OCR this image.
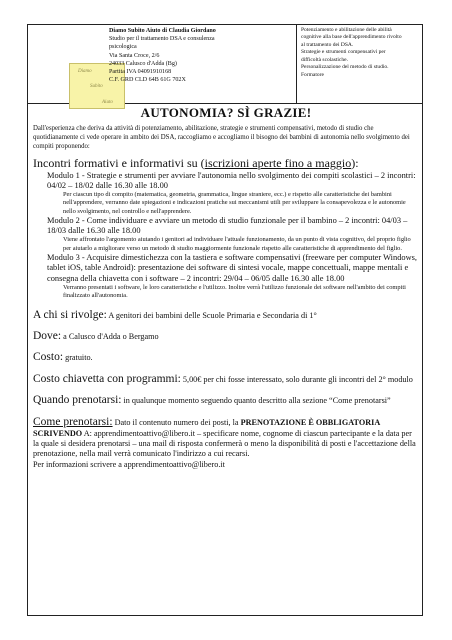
Diamo
Subito
Aiuto
Diamo Subito Aiuto di Claudia Giordano
Studio per il trattamento DSA e consulenza
psicologica
Via Santa Croce, 2/6
24033 Calusco d'Adda (Bg)
Partita IVA 04091910168
C.F. GRD CLD 64B 61G 702X
Potenziamento e abilitazione delle abilità
cognitive alla base dell'apprendimento rivolto
al trattamento dei DSA.
Strategie e strumenti compensativi per
difficoltà scolastiche.
Personalizzazione del metodo di studio.
Formatore
AUTONOMIA? SÌ GRAZIE!
Dall'esperienza che deriva da attività di potenziamento, abilitazione, strategie e strumenti compensativi, metodo di studio che quotidianamente ci vede operare in ambito dei DSA, raccogliamo e accogliamo il bisogno dei bambini di autonomia nello svolgimento dei compiti proponendo:
Incontri formativi e informativi su (iscrizioni aperte fino a maggio):
Modulo 1 - Strategie e strumenti per avviare l'autonomia nello svolgimento dei compiti scolastici – 2 incontri: 04/02 – 18/02 dalle 16.30 alle 18.00
Per ciascun tipo di compito (matematica, geometria, grammatica, lingue straniere, ecc.) e rispetto alle caratteristiche dei bambini nell'apprendere, verranno date spiegazioni e indicazioni pratiche sui meccanismi utili per sviluppare la consapevolezza e le autonomie nello svolgimento, nel controllo e nell'apprendere.
Modulo 2 - Come individuare e avviare un metodo di studio funzionale per il bambino – 2 incontri: 04/03 – 18/03 dalle 16.30 alle 18.00
Viene affrontato l'argomento aiutando i genitori ad individuare l'attuale funzionamento, da un punto di vista cognitivo, del proprio figlio per aiutarlo a migliorare verso un metodo di studio maggiormente funzionale rispetto alle caratteristiche di apprendimento del figlio.
Modulo 3 - Acquisire dimestichezza con la tastiera e software compensativi (freeware per computer Windows, tablet iOS, table Android): presentazione dei software di sintesi vocale, mappe concettuali, mappe mentali e consegna della chiavetta con i software – 2 incontri: 29/04 – 06/05 dalle 16.30 alle 18.00
Verranno presentati i software, le loro caratteristiche e l'utilizzo. Inoltre verrà l'utilizzo funzionale dei software nell'ambito dei compiti finalizzato all'autonomia.
A chi si rivolge: A genitori dei bambini delle Scuole Primaria e Secondaria di 1°
Dove: a Calusco d'Adda o Bergamo
Costo: gratuito.
Costo chiavetta con programmi: 5,00€ per chi fosse interessato, solo durante gli incontri del 2° modulo
Quando prenotarsi: in qualunque momento seguendo quanto descritto alla sezione “Come prenotarsi”
Come prenotarsi: Dato il contenuto numero dei posti, la PRENOTAZIONE È OBBLIGATORIA SCRIVENDO A: apprendimentoattivo@libero.it – specificare nome, cognome di ciascun partecipante e la data per la quale si desidera prenotarsi – una mail di risposta confermerà o meno la disponibilità di posti e l'accettazione della prenotazione, nella mail verrà comunicato l'indirizzo a cui recarsi.
Per informazioni scrivere a apprendimentoattivo@libero.it
